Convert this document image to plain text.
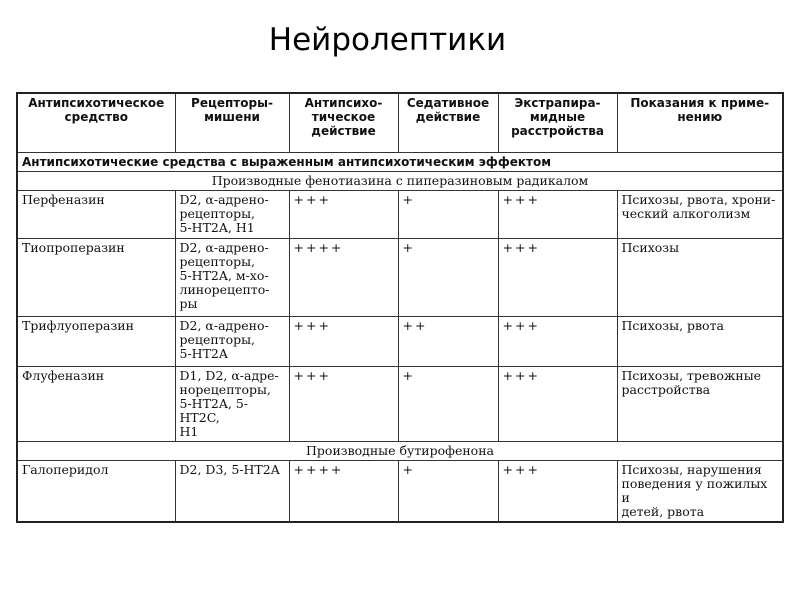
Нейролептики
Антипсихотическое средство	Рецепторы-мишени	Антипсихо-тическое действие	Седативное действие	Экстрапира-мидные расстройства	Показания к приме-нению
Антипсихотические средства с выраженным антипсихотическим эффектом					
Производные фенотиазина с пиперазиновым радикалом					
Перфеназин	D2, α-адрено-
рецепторы,
5-HT2A, H1	+++	+	+++	Психозы, рвота, хрони-
ческий алкоголизм
Тиопроперазин	D2, α-адрено-
рецепторы,
5-HT2A, м-хо-
линорецепто-
ры	++++	+	+++	Психозы
Трифлуоперазин	D2, α-адрено-
рецепторы,
5-HT2A	+++	++	+++	Психозы, рвота
Флуфеназин	D1, D2, α-адре-
норецепторы,
5-HT2A, 5-HT2C,
H1	+++	+	+++	Психозы, тревожные
расстройства
Производные бутирофенона					
Галоперидол	D2, D3, 5-HT2A	++++	+	+++	Психозы, нарушения
поведения у пожилых и
детей, рвота
